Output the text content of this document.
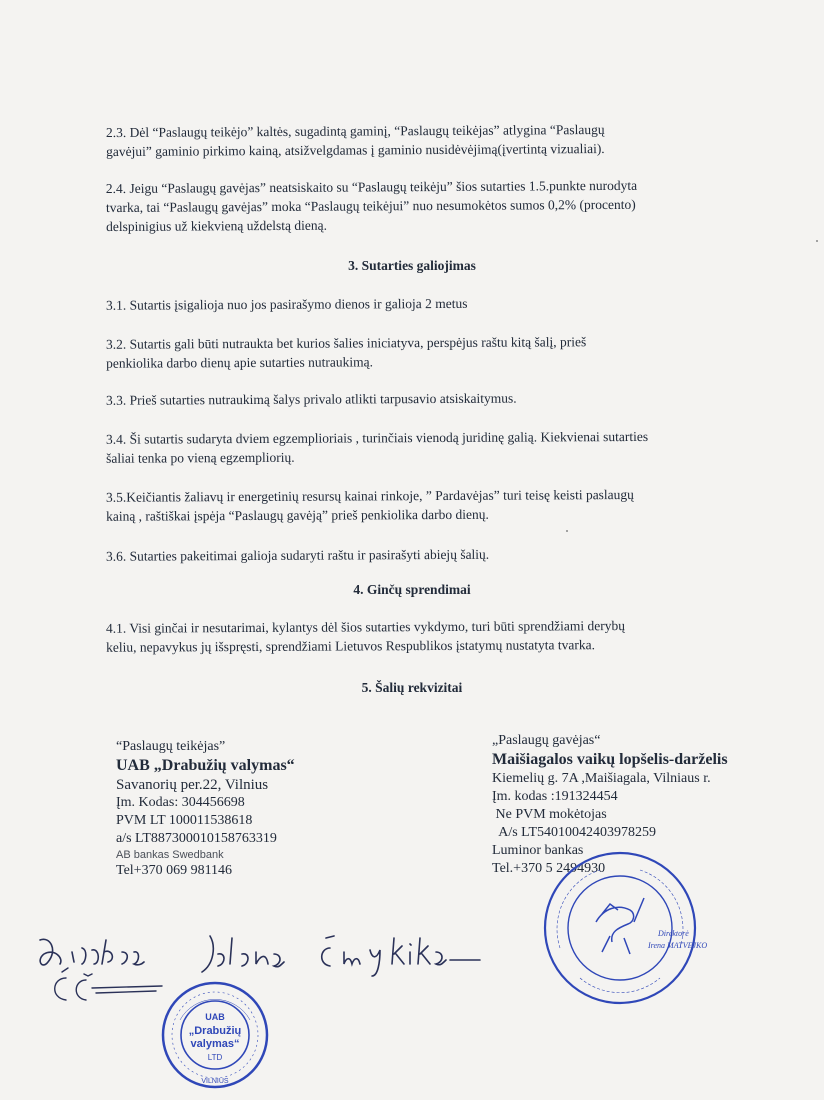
2.3. Dėl “Paslaugų teikėjo” kaltės, sugadintą gaminį, “Paslaugų teikėjas” atlygina “Paslaugų
gavėjui” gaminio pirkimo kainą, atsižvelgdamas į gaminio nusidėvėjimą(įvertintą vizualiai).
2.4. Jeigu “Paslaugų gavėjas” neatsiskaito su “Paslaugų teikėju” šios sutarties 1.5.punkte nurodyta
tvarka, tai “Paslaugų gavėjas” moka “Paslaugų teikėjui” nuo nesumokėtos sumos 0,2% (procento)
delspinigius už kiekvieną uždelstą dieną.
3. Sutarties galiojimas
3.1. Sutartis įsigalioja nuo jos pasirašymo dienos ir galioja 2 metus
3.2. Sutartis gali būti nutraukta bet kurios šalies iniciatyva, perspėjus raštu kitą šalį, prieš
penkiolika darbo dienų apie sutarties nutraukimą.
3.3. Prieš sutarties nutraukimą šalys privalo atlikti tarpusavio atsiskaitymus.
3.4. Ši sutartis sudaryta dviem egzemplioriais , turinčiais vienodą juridinę galią. Kiekvienai sutarties
šaliai tenka po vieną egzempliorių.
3.5.Keičiantis žaliavų ir energetinių resursų kainai rinkoje, ” Pardavėjas” turi teisę keisti paslaugų
kainą , raštiškai įspėja “Paslaugų gavėją” prieš penkiolika darbo dienų.
3.6. Sutarties pakeitimai galioja sudaryti raštu ir pasirašyti abiejų šalių.
4. Ginčų sprendimai
4.1. Visi ginčai ir nesutarimai, kylantys dėl šios sutarties vykdymo, turi būti sprendžiami derybų
keliu, nepavykus jų išspręsti, sprendžiami Lietuvos Respublikos įstatymų nustatyta tvarka.
5. Šalių rekvizitai
“Paslaugų teikėjas”
UAB „Drabužių valymas“
Savanorių per.22, Vilnius
Įm. Kodas: 304456698
PVM LT 100011538618
a/s LT887300010158763319
AB bankas Swedbank
Tel+370 069 981146
„Paslaugų gavėjas“
Maišiagalos vaikų lopšelis-darželis
Kiemelių g. 7A ,Maišiagala, Vilniaus r.
Įm. kodas :191324454
Ne PVM mokėtojas
A/s LT54010042403978259
Luminor bankas
Tel.+370 5 2494930
UAB
„Drabužių
valymas“
LTD
VILNIUS
Direktorė
Irena MATVEJKO
